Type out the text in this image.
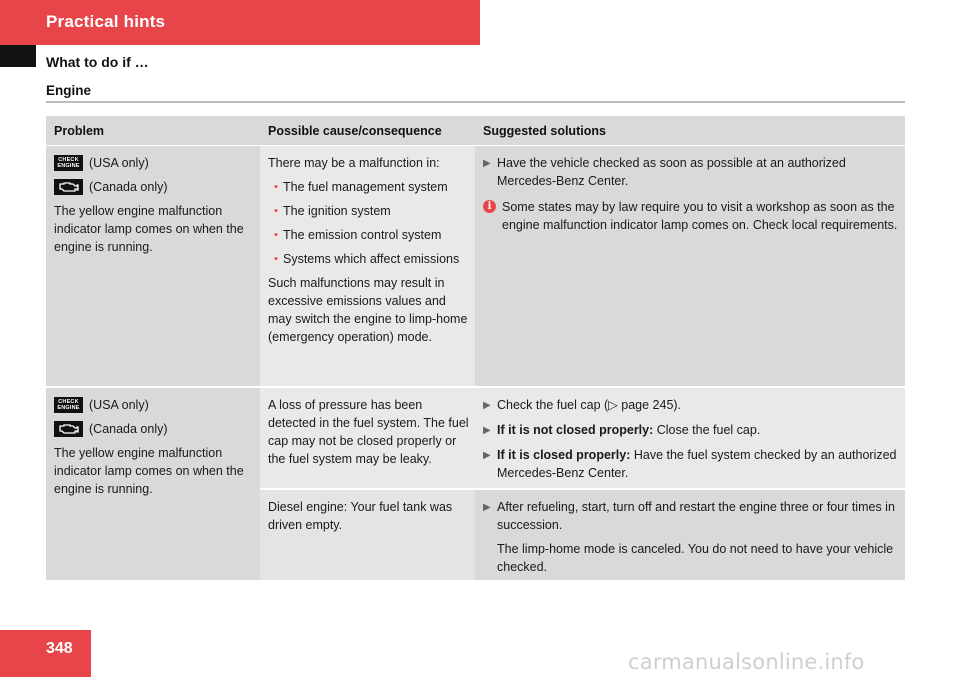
Practical hints
What to do if …
Engine
Problem	Possible cause/consequence	Suggested solutions
CHECK
ENGINE (USA only)
(Canada only)
The yellow engine malfunction indicator lamp comes on when the engine is running.
There may be a malfunction in:
• The fuel management system
• The ignition system
• The emission control system
• Systems which affect emissions
Such malfunctions may result in excessive emissions values and may switch the engine to limp-home (emergency operation) mode.
▶ Have the vehicle checked as soon as possible at an authorized Mercedes-Benz Center.
i Some states may by law require you to visit a workshop as soon as the engine malfunction indicator lamp comes on. Check local requirements.
CHECK
ENGINE (USA only)
(Canada only)
The yellow engine malfunction indicator lamp comes on when the engine is running.
A loss of pressure has been detected in the fuel system. The fuel cap may not be closed properly or the fuel system may be leaky.
▶ Check the fuel cap (▷ page 245).
▶ If it is not closed properly: Close the fuel cap.
▶ If it is closed properly: Have the fuel system checked by an authorized Mercedes-Benz Center.
Diesel engine: Your fuel tank was driven empty.
▶ After refueling, start, turn off and restart the engine three or four times in succession.
The limp-home mode is canceled. You do not need to have your vehicle checked.
348
carmanualsonline.info
